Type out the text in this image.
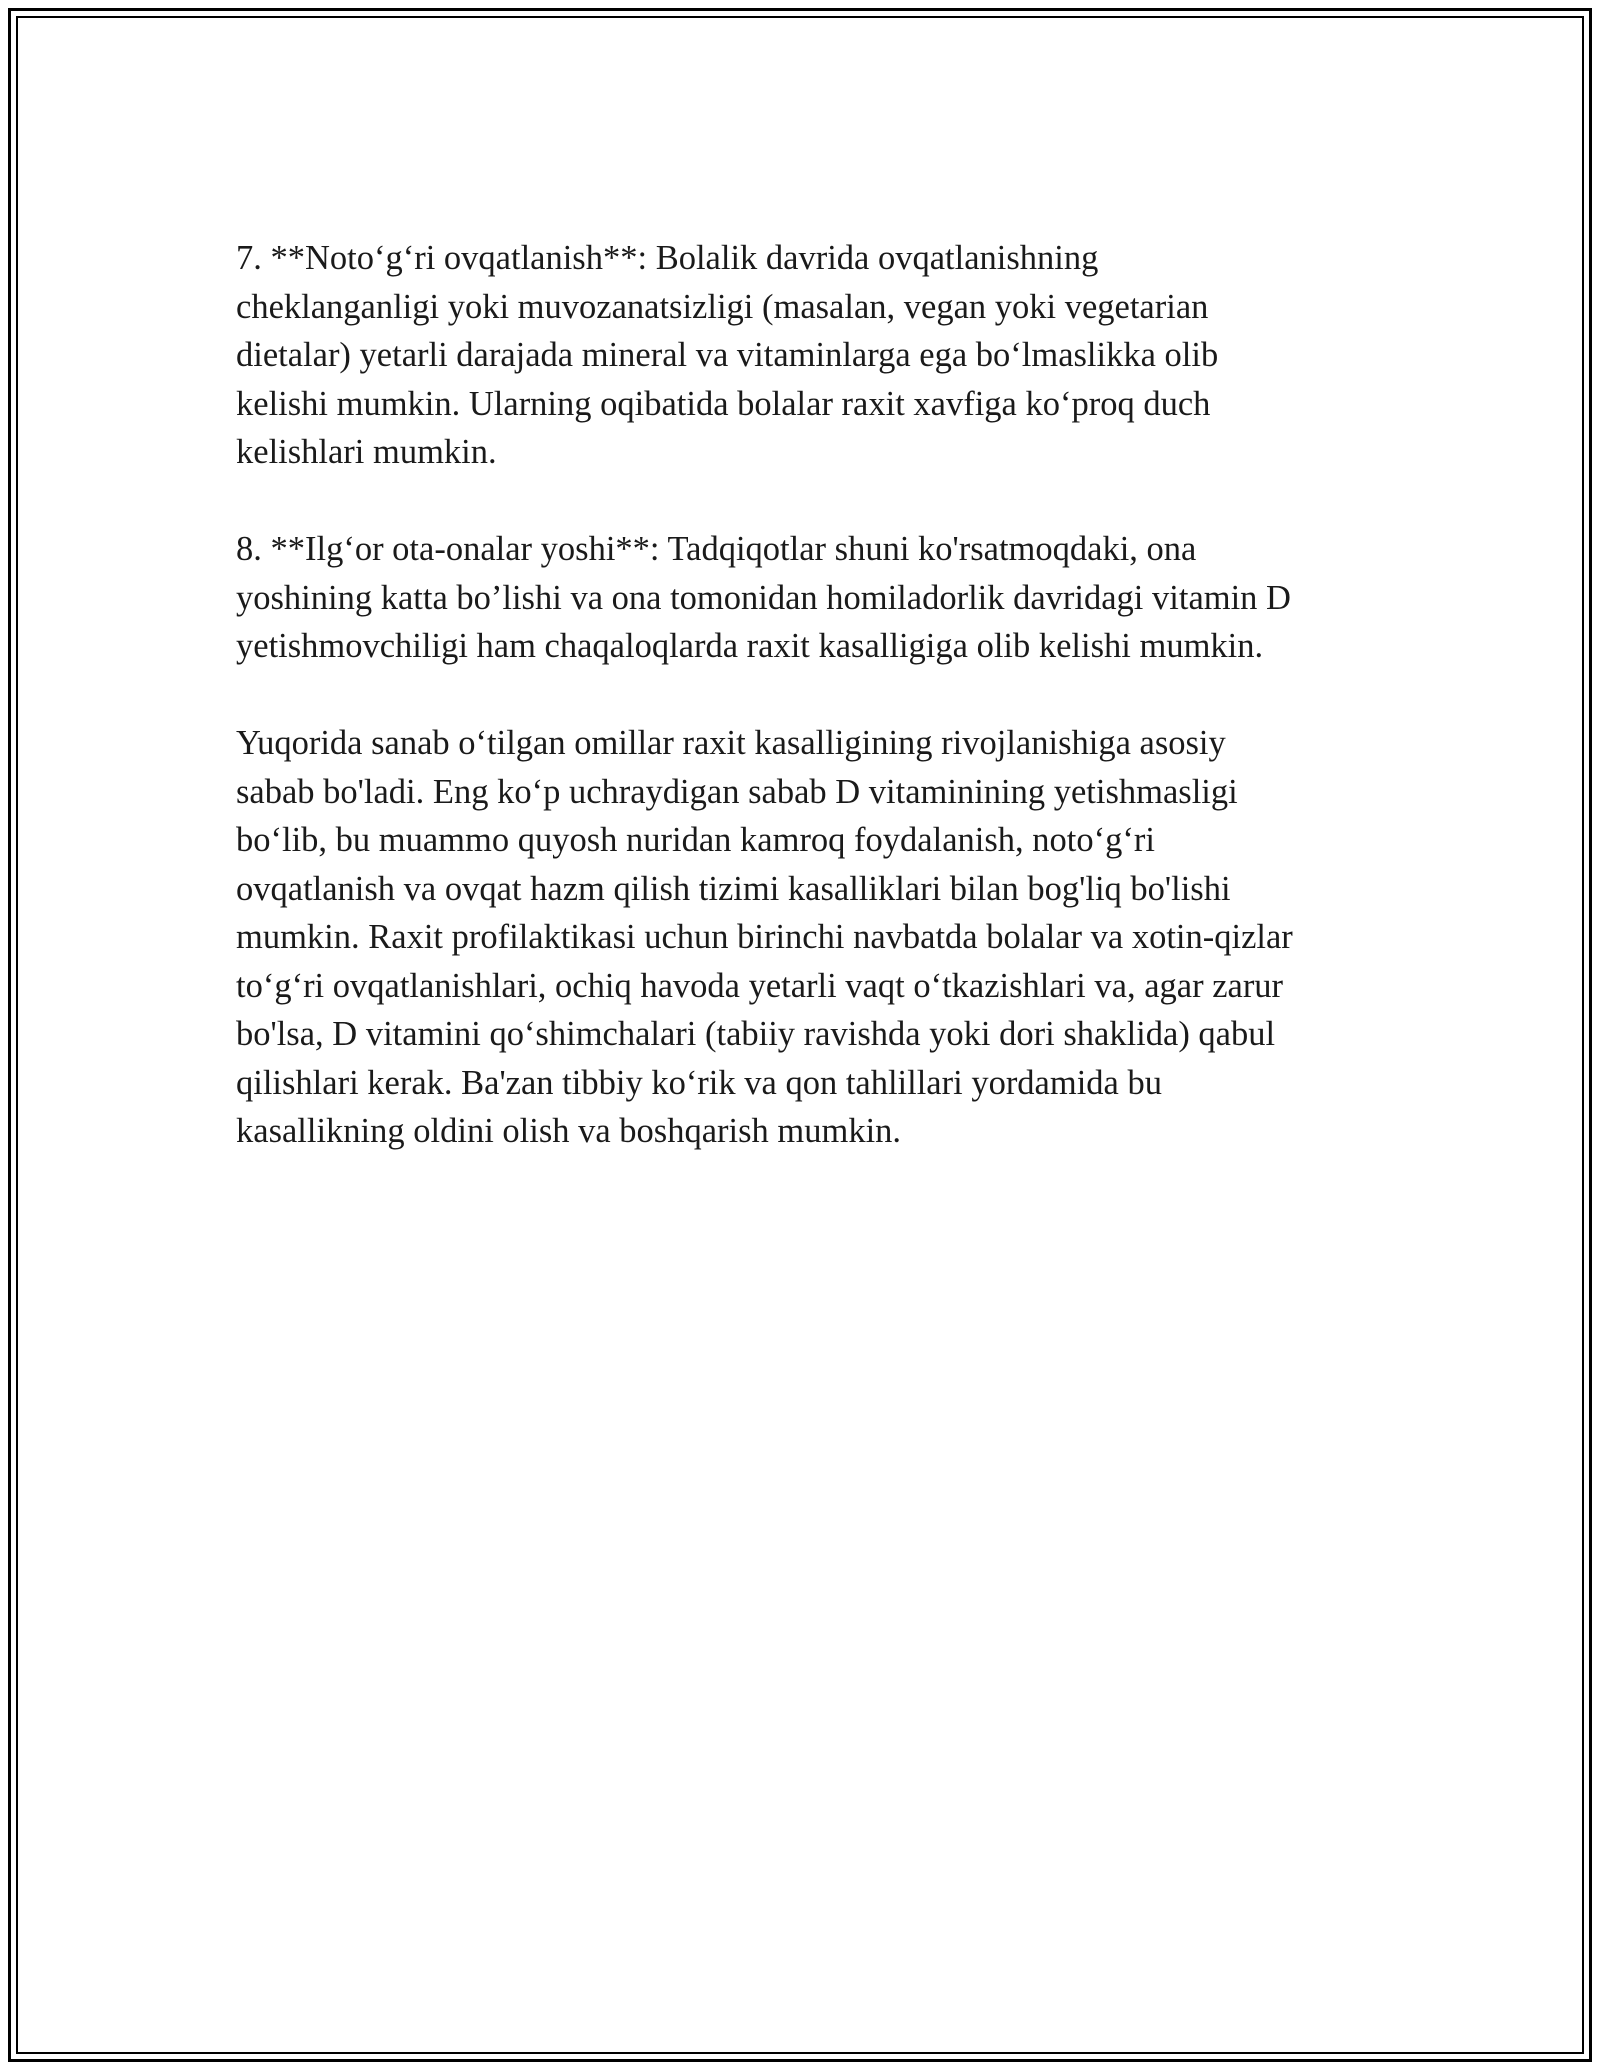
7. **Noto‘g‘ri ovqatlanish**: Bolalik davrida ovqatlanishning
cheklanganligi yoki muvozanatsizligi (masalan, vegan yoki vegetarian
dietalar) yetarli darajada mineral va vitaminlarga ega bo‘lmaslikka olib
kelishi mumkin. Ularning oqibatida bolalar raxit xavfiga ko‘proq duch
kelishlari mumkin.

8. **Ilg‘or ota-onalar yoshi**: Tadqiqotlar shuni ko'rsatmoqdaki, ona
yoshining katta bo’lishi va ona tomonidan homiladorlik davridagi vitamin D
yetishmovchiligi ham chaqaloqlarda raxit kasalligiga olib kelishi mumkin.

Yuqorida sanab o‘tilgan omillar raxit kasalligining rivojlanishiga asosiy
sabab bo'ladi. Eng ko‘p uchraydigan sabab D vitaminining yetishmasligi
bo‘lib, bu muammo quyosh nuridan kamroq foydalanish, noto‘g‘ri
ovqatlanish va ovqat hazm qilish tizimi kasalliklari bilan bog'liq bo'lishi
mumkin. Raxit profilaktikasi uchun birinchi navbatda bolalar va xotin-qizlar
to‘g‘ri ovqatlanishlari, ochiq havoda yetarli vaqt o‘tkazishlari va, agar zarur
bo'lsa, D vitamini qo‘shimchalari (tabiiy ravishda yoki dori shaklida) qabul
qilishlari kerak. Ba'zan tibbiy ko‘rik va qon tahlillari yordamida bu
kasallikning oldini olish va boshqarish mumkin.
